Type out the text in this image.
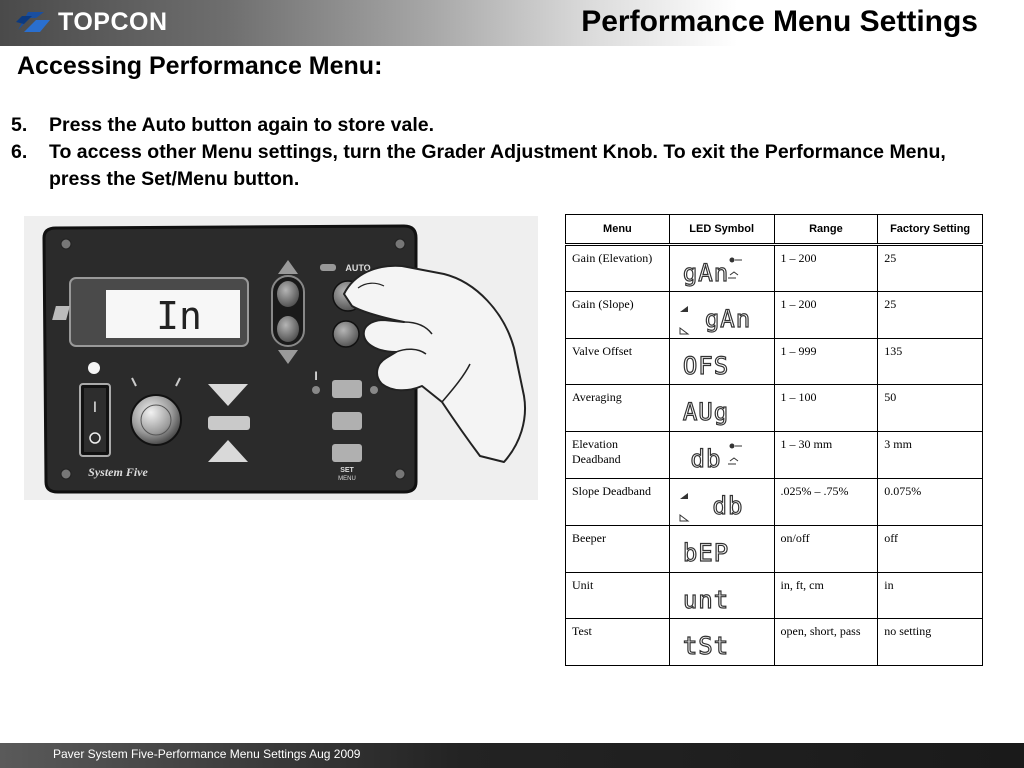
TOPCON	Performance Menu Settings
Accessing Performance Menu:
5.	Press the Auto button again to store vale.
6.	To access other Menu settings, turn the Grader Adjustment Knob. To exit the Performance Menu, press the Set/Menu button.
In
I
AUTO
I
SET
MENU
System Five
Menu	LED Symbol	Range	Factory Setting
Gain (Elevation)	gAn	1 – 200	25
Gain (Slope)	gAn	1 – 200	25
Valve Offset	OFS	1 – 999	135
Averaging	AUg	1 – 100	50
Elevation Deadband	db	1 – 30 mm	3 mm
Slope Deadband	db	.025% – .75%	0.075%
Beeper	bEP	on/off	off
Unit	unt	in, ft, cm	in
Test	tSt	open, short, pass	no setting
Paver System Five-Performance Menu Settings Aug 2009
